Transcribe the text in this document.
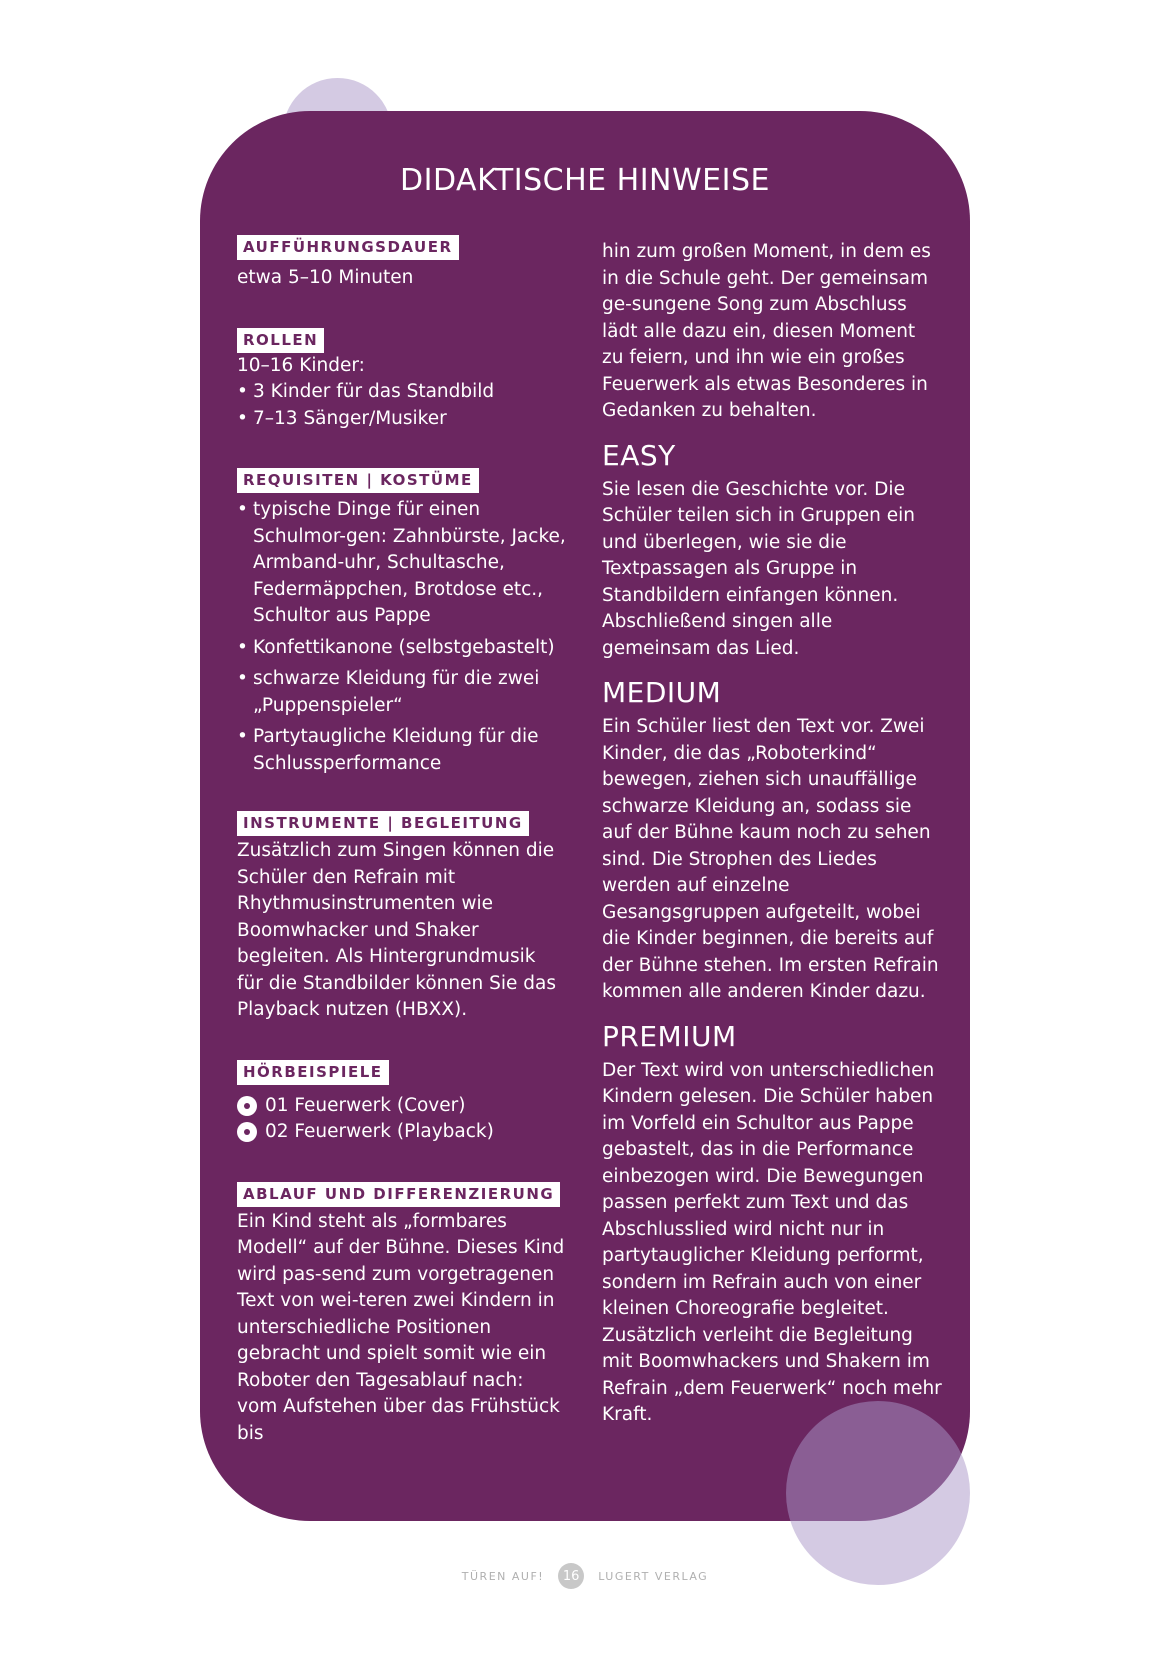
DIDAKTISCHE HINWEISE
AUFFÜHRUNGSDAUER

etwa 5–10 Minuten

ROLLEN

10–16 Kinder:

• 3 Kinder für das Standbild
• 7–13 Sänger/Musiker
REQUISITEN | KOSTÜME
• typische Dinge für einen Schulmor-gen: Zahnbürste, Jacke, Armband-uhr, Schultasche, Federmäppchen, Brotdose etc., Schultor aus Pappe
• Konfettikanone (selbstgebastelt)
• schwarze Kleidung für die zwei „Puppenspieler“
• Partytaugliche Kleidung für die Schlussperformance
INSTRUMENTE | BEGLEITUNG

Zusätzlich zum Singen können die Schüler den Refrain mit Rhythmusinstrumenten wie Boomwhacker und Shaker begleiten. Als Hintergrundmusik für die Standbilder können Sie das Playback nutzen (HBXX).

HÖRBEISPIELE
01 Feuerwerk (Cover)
02 Feuerwerk (Playback)
ABLAUF UND DIFFERENZIERUNG

Ein Kind steht als „formbares Modell“ auf der Bühne. Dieses Kind wird pas-send zum vorgetragenen Text von wei-teren zwei Kindern in unterschiedliche Positionen gebracht und spielt somit wie ein Roboter den Tagesablauf nach: vom Aufstehen über das Frühstück bis

hin zum großen Moment, in dem es in die Schule geht. Der gemeinsam ge-sungene Song zum Abschluss lädt alle dazu ein, diesen Moment zu feiern, und ihn wie ein großes Feuerwerk als etwas Besonderes in Gedanken zu behalten.

EASY

Sie lesen die Geschichte vor. Die Schüler teilen sich in Gruppen ein und überlegen, wie sie die Textpassagen als Gruppe in Standbildern einfangen können. Abschließend singen alle gemeinsam das Lied.

MEDIUM

Ein Schüler liest den Text vor. Zwei Kinder, die das „Roboterkind“ bewegen, ziehen sich unauffällige schwarze Kleidung an, sodass sie auf der Bühne kaum noch zu sehen sind. Die Strophen des Liedes werden auf einzelne Gesangsgruppen aufgeteilt, wobei die Kinder beginnen, die bereits auf der Bühne stehen. Im ersten Refrain kommen alle anderen Kinder dazu.

PREMIUM

Der Text wird von unterschiedlichen Kindern gelesen. Die Schüler haben im Vorfeld ein Schultor aus Pappe gebastelt, das in die Performance einbezogen wird. Die Bewegungen passen perfekt zum Text und das Abschlusslied wird nicht nur in partytauglicher Kleidung performt, sondern im Refrain auch von einer kleinen Choreografie begleitet. Zusätzlich verleiht die Begleitung mit Boomwhackers und Shakern im Refrain „dem Feuerwerk“ noch mehr Kraft.

TÜREN AUF!	16	LUGERT VERLAG
